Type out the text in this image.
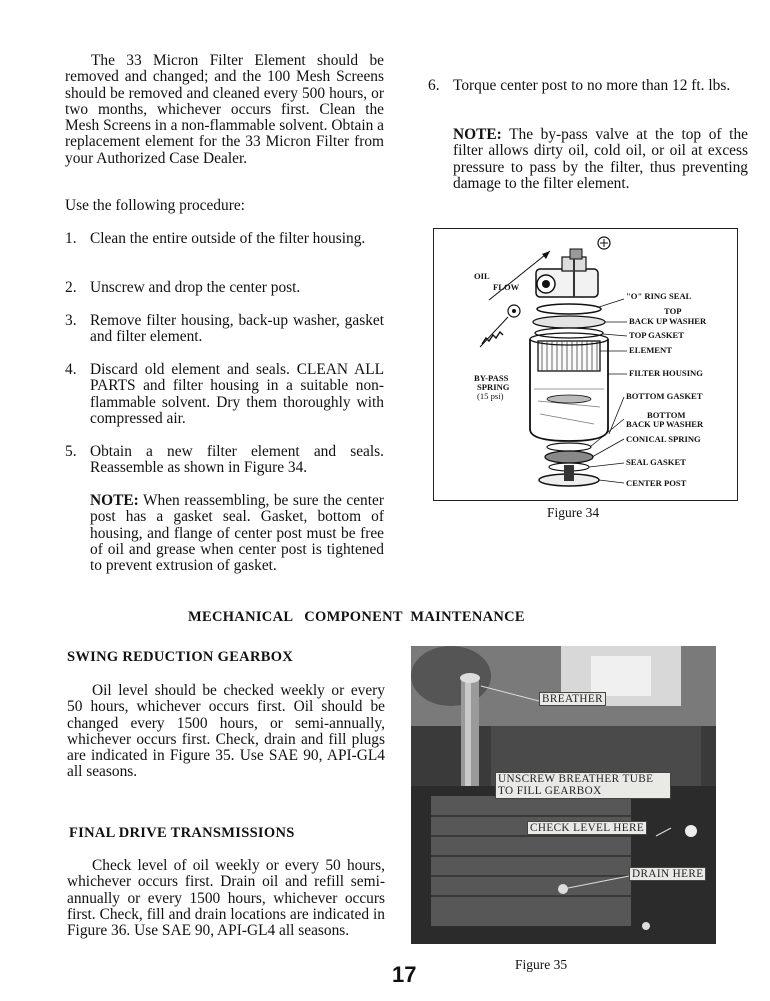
The 33 Micron Filter Element should be removed and changed; and the 100 Mesh Screens should be removed and cleaned every 500 hours, or two months, whichever occurs first. Clean the Mesh Screens in a non-flammable solvent. Obtain a replacement element for the 33 Micron Filter from your Authorized Case Dealer.

Use the following procedure:

1. Clean the entire outside of the filter housing.
2. Unscrew and drop the center post.
3. Remove filter housing, back-up washer, gasket and filter element.
4. Discard old element and seals. CLEAN ALL PARTS and filter housing in a suitable non-flammable solvent. Dry them thoroughly with compressed air.
5. Obtain a new filter element and seals. Reassemble as shown in Figure 34.

NOTE: When reassembling, be sure the center post has a gasket seal. Gasket, bottom of housing, and flange of center post must be free of oil and grease when center post is tightened to prevent extrusion of gasket.

6. Torque center post to no more than 12 ft. lbs.

NOTE: The by-pass valve at the top of the filter allows dirty oil, cold oil, or oil at excess pressure to pass by the filter, thus preventing damage to the filter element.

OIL
FLOW
BY-PASS
SPRING
(15 psi)
"O" RING SEAL
TOP
BACK UP WASHER
TOP GASKET
ELEMENT
FILTER HOUSING
BOTTOM GASKET
BOTTOM
BACK UP WASHER
CONICAL SPRING
SEAL GASKET
CENTER POST
Figure 34
MECHANICAL   COMPONENT  MAINTENANCE
SWING REDUCTION GEARBOX

Oil level should be checked weekly or every 50 hours, whichever occurs first. Oil should be changed every 1500 hours, or semi-annually, whichever occurs first. Check, drain and fill plugs are indicated in Figure 35. Use SAE 90, API-GL4 all seasons.

FINAL DRIVE TRANSMISSIONS

Check level of oil weekly or every 50 hours, whichever occurs first. Drain oil and refill semi-annually or every 1500 hours, whichever occurs first. Check, fill and drain locations are indicated in Figure 36. Use SAE 90, API-GL4 all seasons.

BREATHER
UNSCREW BREATHER TUBE
TO FILL GEARBOX
CHECK LEVEL HERE
DRAIN HERE
Figure 35
17
